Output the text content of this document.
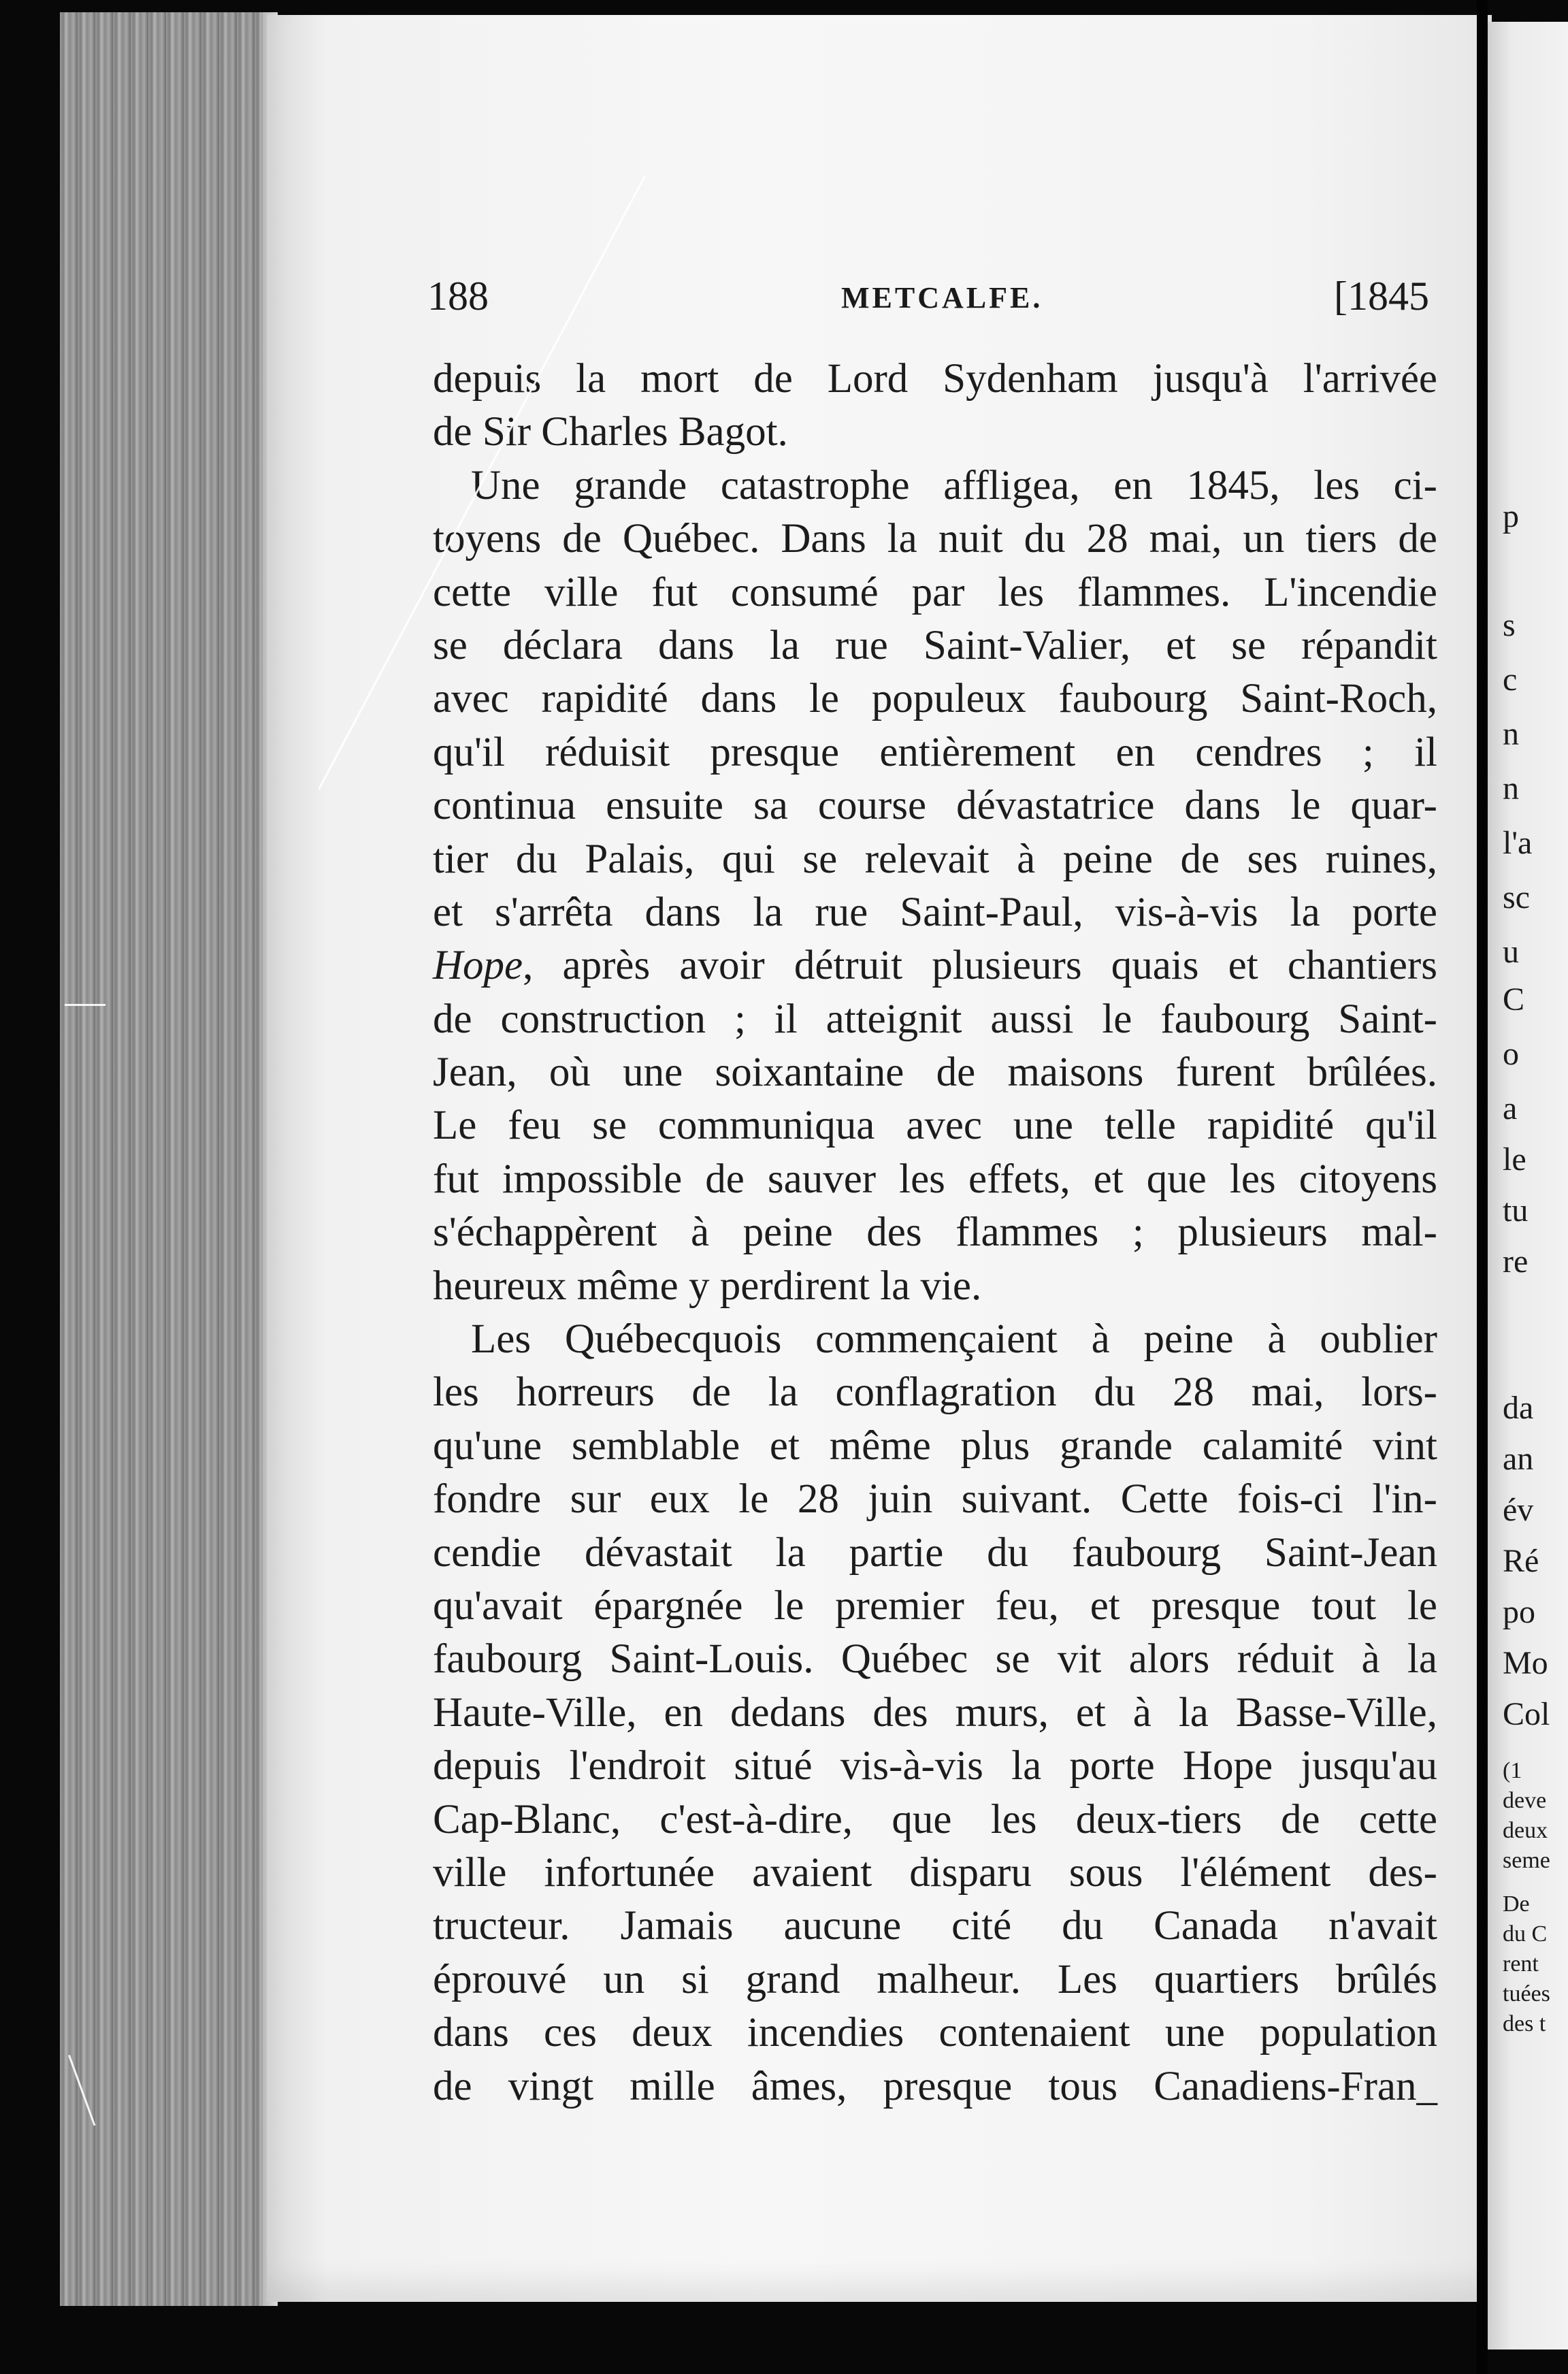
p
s
c
n
n
l'a
sc
u
C
o
a
le
tu
re
da
an
év
Ré
po
Mo
Col
(1
deve
deux
seme
De
du C
rent
tuées
des t
188	METCALFE.	[1845
depuis la mort de Lord Sydenham jusqu'à l'arrivée
de Sir Charles Bagot.
Une grande catastrophe affligea, en 1845, les ci-
toyens de Québec. Dans la nuit du 28 mai, un tiers de
cette ville fut consumé par les flammes. L'incendie
se déclara dans la rue Saint-Valier, et se répandit
avec rapidité dans le populeux faubourg Saint-Roch,
qu'il réduisit presque entièrement en cendres ; il
continua ensuite sa course dévastatrice dans le quar-
tier du Palais, qui se relevait à peine de ses ruines,
et s'arrêta dans la rue Saint-Paul, vis-à-vis la porte
Hope, après avoir détruit plusieurs quais et chantiers
de construction ; il atteignit aussi le faubourg Saint-
Jean, où une soixantaine de maisons furent brûlées.
Le feu se communiqua avec une telle rapidité qu'il
fut impossible de sauver les effets, et que les citoyens
s'échappèrent à peine des flammes ; plusieurs mal-
heureux même y perdirent la vie.
Les Québecquois commençaient à peine à oublier
les horreurs de la conflagration du 28 mai, lors-
qu'une semblable et même plus grande calamité vint
fondre sur eux le 28 juin suivant. Cette fois-ci l'in-
cendie dévastait la partie du faubourg Saint-Jean
qu'avait épargnée le premier feu, et presque tout le
faubourg Saint-Louis. Québec se vit alors réduit à la
Haute-Ville, en dedans des murs, et à la Basse-Ville,
depuis l'endroit situé vis-à-vis la porte Hope jusqu'au
Cap-Blanc, c'est-à-dire, que les deux-tiers de cette
ville infortunée avaient disparu sous l'élément des-
tructeur. Jamais aucune cité du Canada n'avait
éprouvé un si grand malheur. Les quartiers brûlés
dans ces deux incendies contenaient une population
de vingt mille âmes, presque tous Canadiens-Fran_
